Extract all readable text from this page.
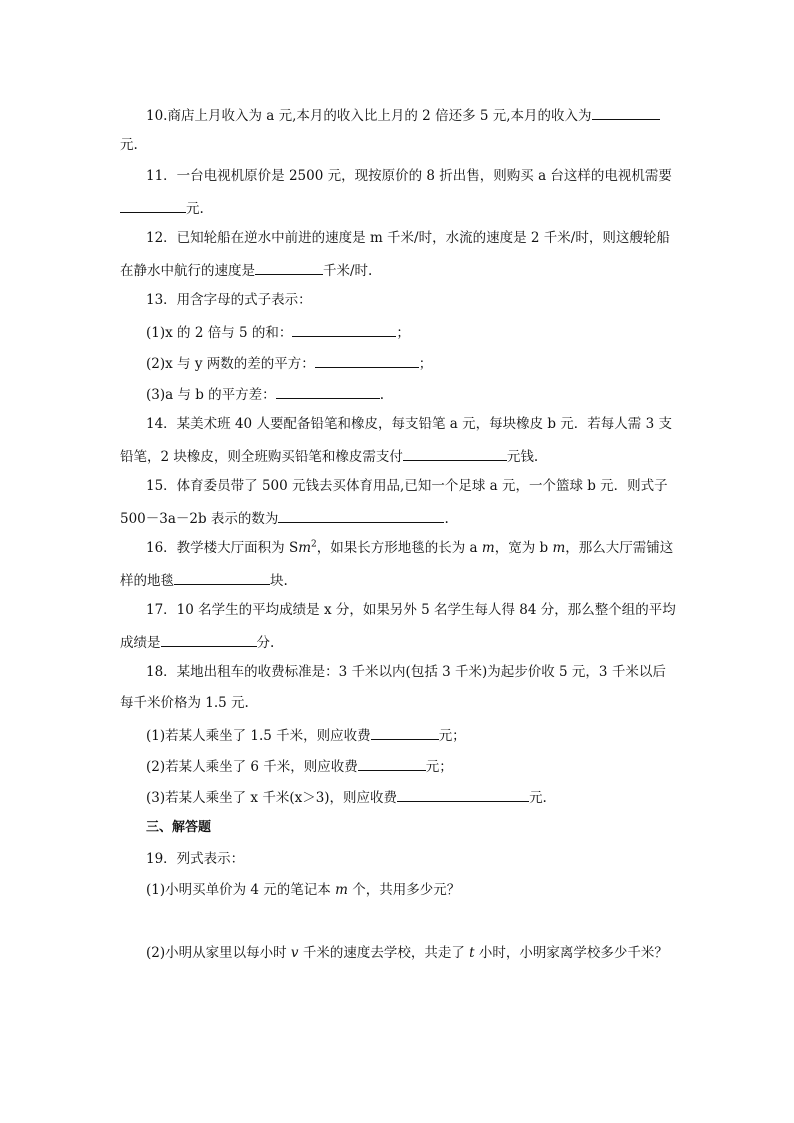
10.商店上月收入为 a 元,本月的收入比上月的 2 倍还多 5 元,本月的收入为
元.
11．一台电视机原价是 2500 元，现按原价的 8 折出售，则购买 a 台这样的电视机需要
元.
12．已知轮船在逆水中前进的速度是 m 千米/时，水流的速度是 2 千米/时，则这艘轮船
在静水中航行的速度是	千米/时.
13．用含字母的式子表示：
(1)x 的 2 倍与 5 的和：	；
(2)x 与 y 两数的差的平方：	；
(3)a 与 b 的平方差：	.
14．某美术班 40 人要配备铅笔和橡皮，每支铅笔 a 元，每块橡皮 b 元．若每人需 3 支
铅笔，2 块橡皮，则全班购买铅笔和橡皮需支付	元钱.
15．体育委员带了 500 元钱去买体育用品,已知一个足球 a 元，一个篮球 b 元．则式子
500－3a－2b 表示的数为	.
16．教学楼大厅面积为 Sm$^2$，如果长方形地毯的长为 a m，宽为 b m，那么大厅需铺这
样的地毯	块.
17．10 名学生的平均成绩是 x 分，如果另外 5 名学生每人得 84 分，那么整个组的平均
成绩是	分.
18．某地出租车的收费标准是：3 千米以内(包括 3 千米)为起步价收 5 元，3 千米以后
每千米价格为 1.5 元.
(1)若某人乘坐了 1.5 千米，则应收费	元；
(2)若某人乘坐了 6 千米，则应收费	元；
(3)若某人乘坐了 x 千米(x＞3)，则应收费	元.
三、解答题
19．列式表示：
(1)小明买单价为 4 元的笔记本 m 个，共用多少元？
(2)小明从家里以每小时 v 千米的速度去学校，共走了 t 小时，小明家离学校多少千米？
